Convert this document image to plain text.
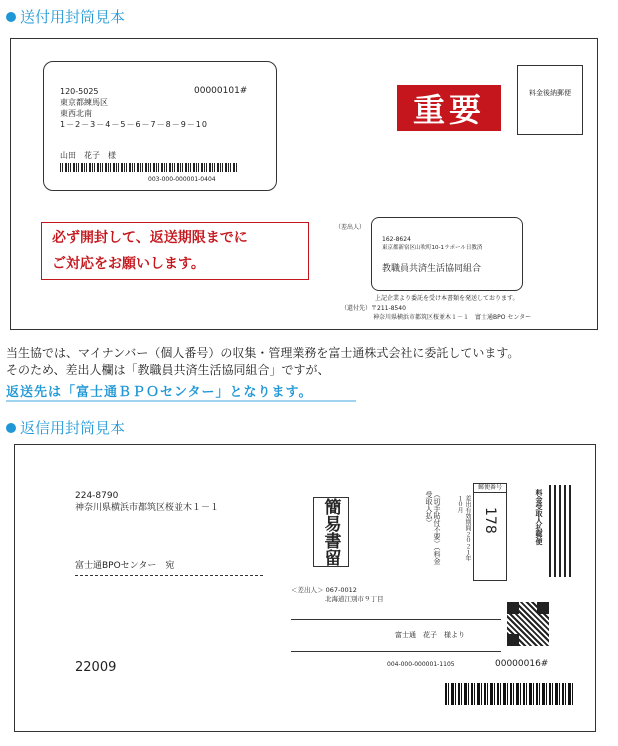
送付用封筒見本
120-5025	00000101#
東京都練馬区
東西北南
1－2－3－4－5－6－7－8－9－10
山田　花子　様
003-000-000001-0404
重要	料金後納郵便
必ず開封して、返送期限までに
ご対応をお願いします。
（差出人）
162-8624
東京都新宿区山吹町10-1ラポール日教済
教職員共済生活協同組合
上記企業より委託を受け本書類を発送しております。
（還付先）〒211-8540
神奈川県横浜市都筑区桜並木１－１　富士通BPO センター
当生協では、マイナンバー（個人番号）の収集・管理業務を富士通株式会社に委託しています。
そのため、差出人欄は「教職員共済生活協同組合」ですが、
返送先は「富士通ＢＰＯセンター」となります。
返信用封筒見本
224-8790
神奈川県横浜市都筑区桜並木１－１
富士通BPOセンター　宛
22009
簡易書留	（切手貼付不要）（料金受取人払）	差出有効期間２０２１年１０月
郵便番号
178	料金受取人払郵便
＜差出人＞ 067-0012
北海道江別市９丁目
富士通　花子　様より
004-000-000001-1105	00000016#
